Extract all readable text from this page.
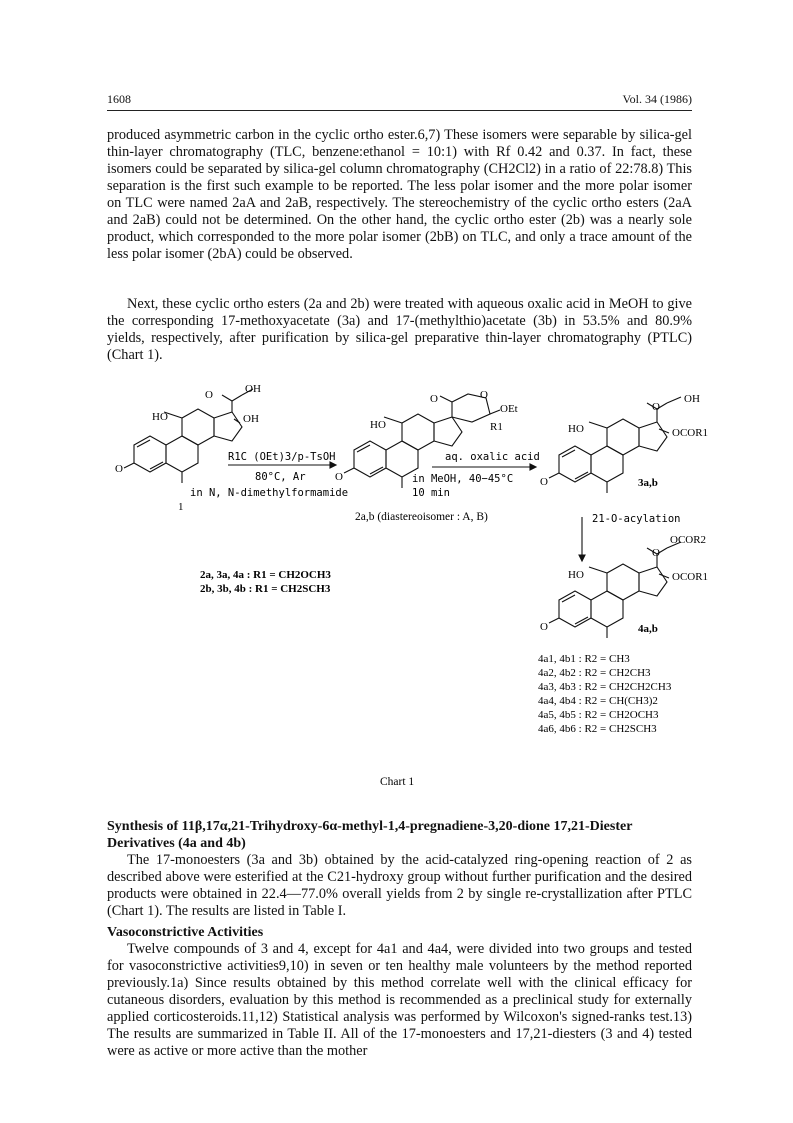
1608	Vol. 34 (1986)

produced asymmetric carbon in the cyclic ortho ester.6,7) These isomers were separable by silica-gel thin-layer chromatography (TLC, benzene:ethanol = 10:1) with Rf 0.42 and 0.37. In fact, these isomers could be separated by silica-gel column chromatography (CH2Cl2) in a ratio of 22:78.8) This separation is the first such example to be reported. The less polar isomer and the more polar isomer on TLC were named 2aA and 2aB, respectively. The stereochemistry of the cyclic ortho esters (2aA and 2aB) could not be determined. On the other hand, the cyclic ortho ester (2b) was a nearly sole product, which corresponded to the more polar isomer (2bB) on TLC, and only a trace amount of the less polar isomer (2bA) could be observed.

Next, these cyclic ortho esters (2a and 2b) were treated with aqueous oxalic acid in MeOH to give the corresponding 17-methoxyacetate (3a) and 17-(methylthio)acetate (3b) in 53.5% and 80.9% yields, respectively, after purification by silica-gel preparative thin-layer chromatography (PTLC) (Chart 1).

O	OH
HO	OH
O
1
R1C (OEt)3/p-TsOH
80°C, Ar
in N, N-dimethylformamide
O	O
OEt
R1
HO
O
2a,b (diastereoisomer : A, B)
aq. oxalic acid
in MeOH, 40−45°C
10 min
O
OH
HO	OCOR1
O	3a,b
21-O-acylation
O
OCOR2
HO	OCOR1
O	4a,b
2a, 3a, 4a : R1 = CH2OCH3
2b, 3b, 4b : R1 = CH2SCH3
4a1, 4b1 : R2 = CH3
4a2, 4b2 : R2 = CH2CH3
4a3, 4b3 : R2 = CH2CH2CH3
4a4, 4b4 : R2 = CH(CH3)2
4a5, 4b5 : R2 = CH2OCH3
4a6, 4b6 : R2 = CH2SCH3
Chart 1

Synthesis of 11β,17α,21-Trihydroxy-6α-methyl-1,4-pregnadiene-3,20-dione 17,21-Diester Derivatives (4a and 4b)

The 17-monoesters (3a and 3b) obtained by the acid-catalyzed ring-opening reaction of 2 as described above were esterified at the C21-hydroxy group without further purification and the desired products were obtained in 22.4—77.0% overall yields from 2 by single re-crystallization after PTLC (Chart 1). The results are listed in Table I.

Vasoconstrictive Activities

Twelve compounds of 3 and 4, except for 4a1 and 4a4, were divided into two groups and tested for vasoconstrictive activities9,10) in seven or ten healthy male volunteers by the method reported previously.1a) Since results obtained by this method correlate well with the clinical efficacy for cutaneous disorders, evaluation by this method is recommended as a preclinical study for externally applied corticosteroids.11,12) Statistical analysis was performed by Wilcoxon's signed-ranks test.13) The results are summarized in Table II. All of the 17-monoesters and 17,21-diesters (3 and 4) tested were as active or more active than the mother
